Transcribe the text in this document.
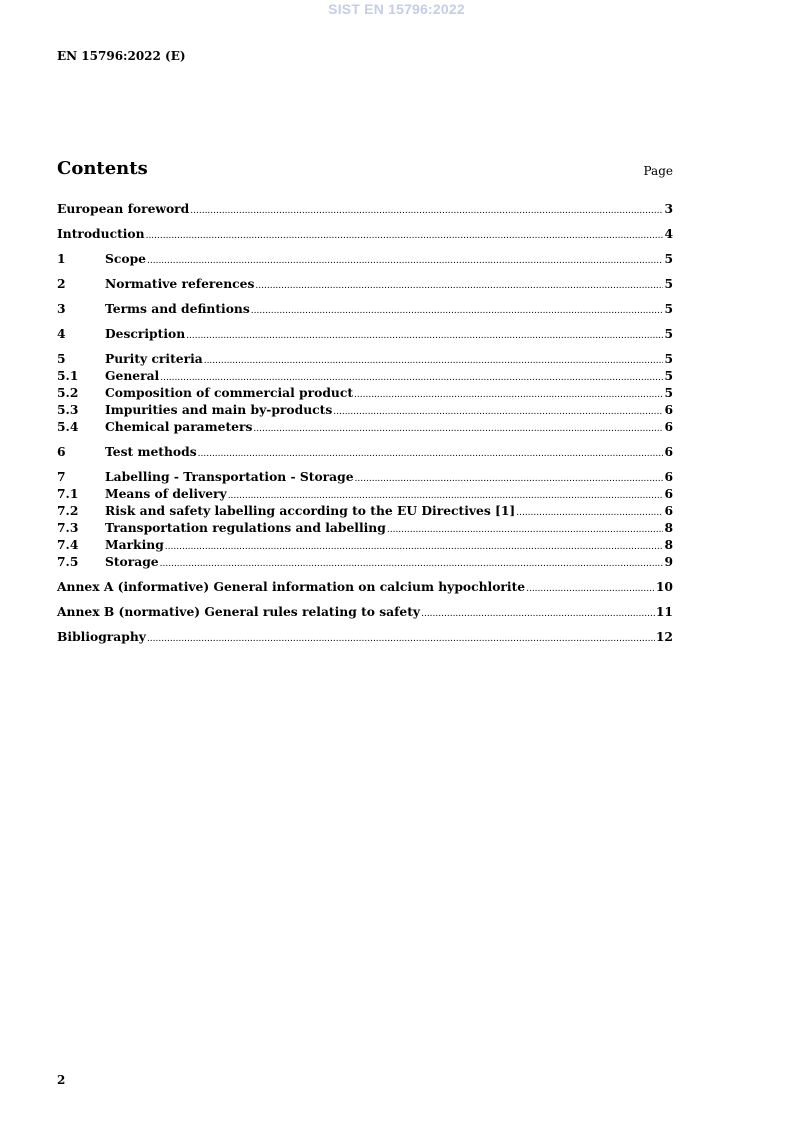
SIST EN 15796:2022
EN 15796:2022 (E)
Contents	Page
European foreword .....	3
Introduction .....	4
1	Scope .....	5
2	Normative references .....	5
3	Terms and defintions .....	5
4	Description .....	5
5	Purity criteria .....	5
5.1	General .....	5
5.2	Composition of commercial product .....	5
5.3	Impurities and main by-products .....	6
5.4	Chemical parameters .....	6
6	Test methods .....	6
7	Labelling - Transportation - Storage .....	6
7.1	Means of delivery .....	6
7.2	Risk and safety labelling according to the EU Directives [1] .....	6
7.3	Transportation regulations and labelling .....	8
7.4	Marking .....	8
7.5	Storage .....	9
Annex A (informative) General information on calcium hypochlorite .....	10
Annex B (normative) General rules relating to safety .....	11
Bibliography .....	12
2
